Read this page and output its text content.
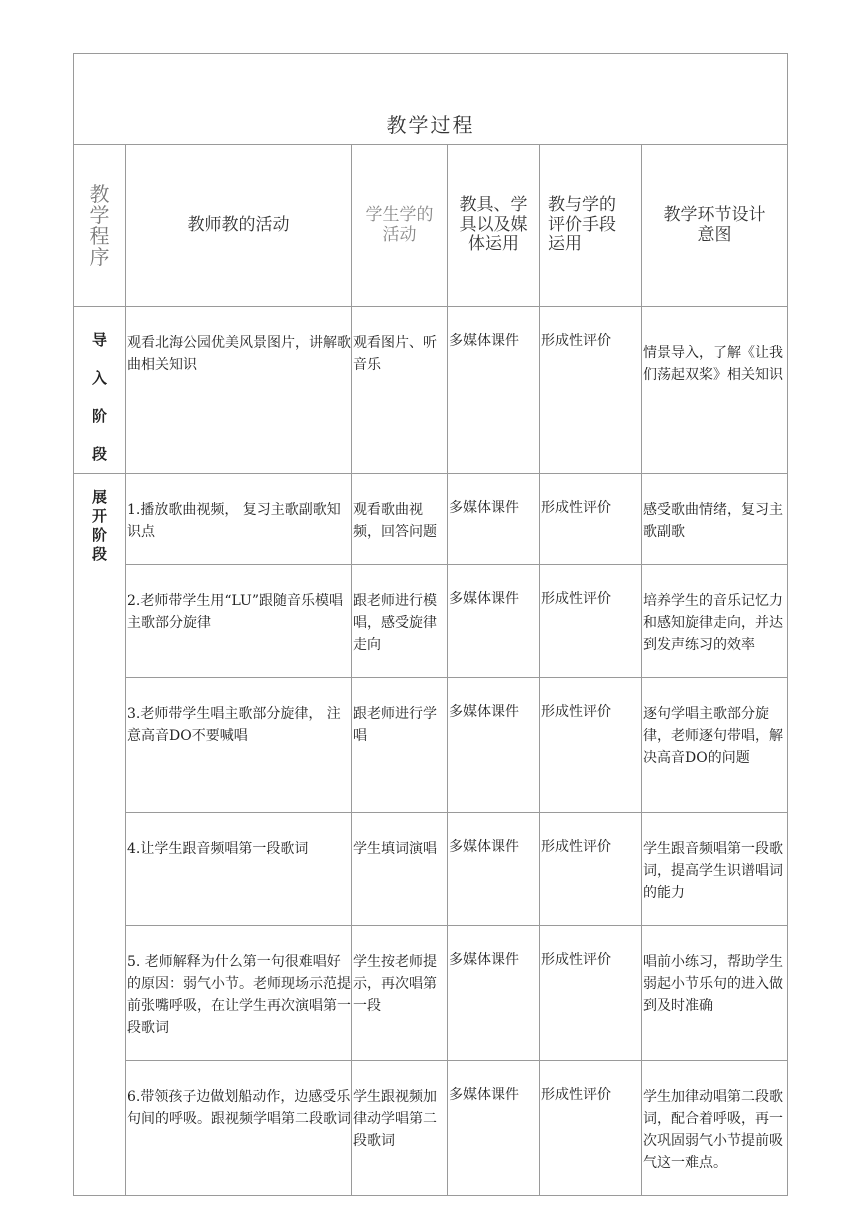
教学过程					

教学程序	教师教的活动	学生学的活动	教具、学具以及媒体运用	教与学的评价手段运用	教学环节设计意图

导入阶段	观看北海公园优美风景图片，讲解歌曲相关知识	观看图片、听音乐	多媒体课件	形成性评价	情景导入，了解《让我们荡起双桨》相关知识

展开阶段	1.播放歌曲视频， 复习主歌副歌知识点	观看歌曲视频，回答问题	多媒体课件	形成性评价	感受歌曲情绪，复习主歌副歌
	2.老师带学生用“LU”跟随音乐模唱主歌部分旋律	跟老师进行模唱，感受旋律走向	多媒体课件	形成性评价	培养学生的音乐记忆力和感知旋律走向，并达到发声练习的效率
	3.老师带学生唱主歌部分旋律， 注意高音DO不要喊唱	跟老师进行学唱	多媒体课件	形成性评价	逐句学唱主歌部分旋律，老师逐句带唱，解决高音DO的问题
	4.让学生跟音频唱第一段歌词	学生填词演唱	多媒体课件	形成性评价	学生跟音频唱第一段歌词，提高学生识谱唱词的能力
	5. 老师解释为什么第一句很难唱好的原因：弱气小节。老师现场示范提前张嘴呼吸，在让学生再次演唱第一段歌词	学生按老师提示，再次唱第一段	多媒体课件	形成性评价	唱前小练习，帮助学生弱起小节乐句的进入做到及时准确
	6.带领孩子边做划船动作，边感受乐句间的呼吸。跟视频学唱第二段歌词	学生跟视频加律动学唱第二段歌词	多媒体课件	形成性评价	学生加律动唱第二段歌词，配合着呼吸，再一次巩固弱气小节提前吸气这一难点。
